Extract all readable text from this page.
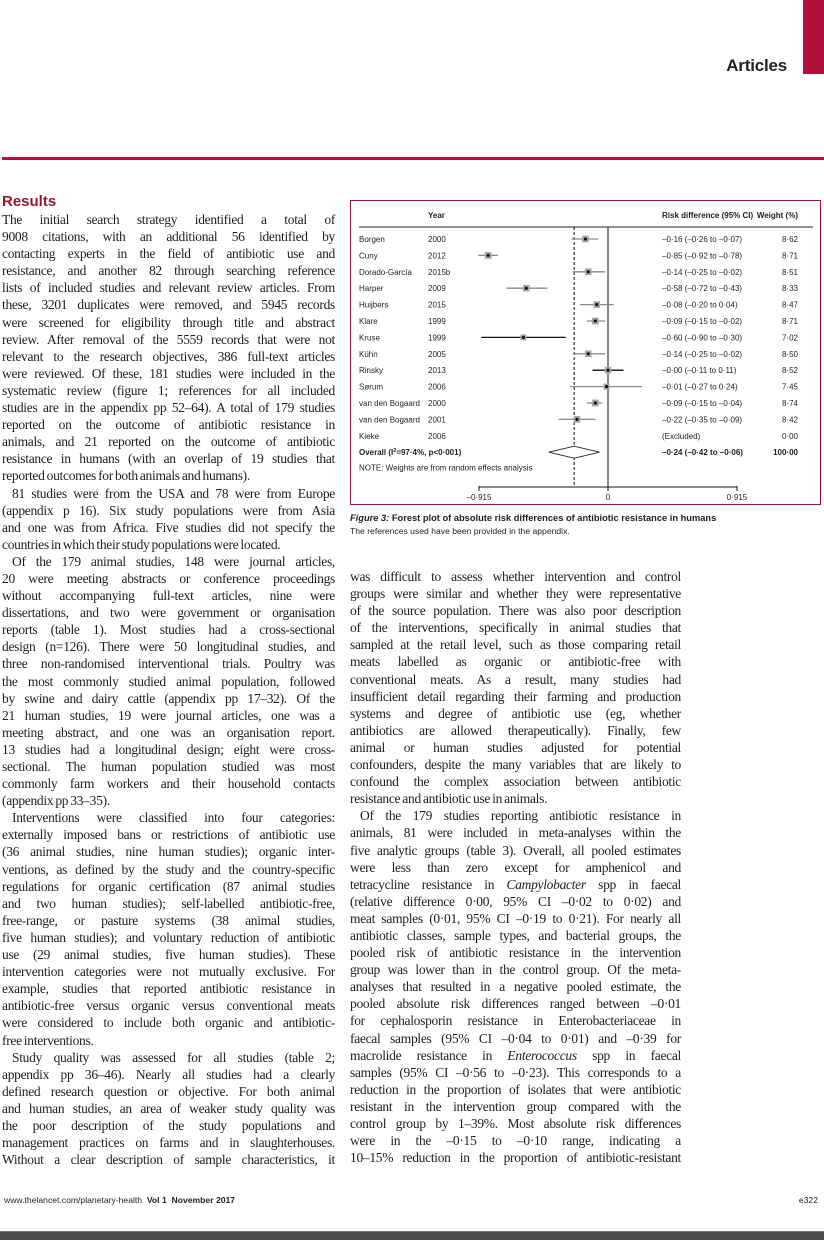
Articles
Results
The initial search strategy identified a total of
9008 citations, with an additional 56 identified by
contacting experts in the field of antibiotic use and
resistance, and another 82 through searching reference
lists of included studies and relevant review articles. From
these, 3201 duplicates were removed, and 5945 records
were screened for eligibility through title and abstract
review. After removal of the 5559 records that were not
relevant to the research objectives, 386 full-text articles
were reviewed. Of these, 181 studies were included in the
systematic review (figure 1; references for all included
studies are in the appendix pp 52–64). A total of 179 studies
reported on the outcome of antibiotic resistance in
animals, and 21 reported on the outcome of antibiotic
resistance in humans (with an overlap of 19 studies that
reported outcomes for both animals and humans).
81 studies were from the USA and 78 were from Europe
(appendix p 16). Six study populations were from Asia
and one was from Africa. Five studies did not specify the
countries in which their study populations were located.
Of the 179 animal studies, 148 were journal articles,
20 were meeting abstracts or conference proceedings
without accompanying full-text articles, nine were
dissertations, and two were government or organisation
reports (table 1). Most studies had a cross-sectional
design (n=126). There were 50 longitudinal studies, and
three non-randomised interventional trials. Poultry was
the most commonly studied animal population, followed
by swine and dairy cattle (appendix pp 17–32). Of the
21 human studies, 19 were journal articles, one was a
meeting abstract, and one was an organisation report.
13 studies had a longitudinal design; eight were cross-
sectional. The human population studied was most
commonly farm workers and their household contacts
(appendix pp 33–35).
Interventions were classified into four categories:
externally imposed bans or restrictions of antibiotic use
(36 animal studies, nine human studies); organic inter-
ventions, as defined by the study and the country-specific
regulations for organic certification (87 animal studies
and two human studies); self-labelled antibiotic-free,
free-range, or pasture systems (38 animal studies,
five human studies); and voluntary reduction of antibiotic
use (29 animal studies, five human studies). These
intervention categories were not mutually exclusive. For
example, studies that reported antibiotic resistance in
antibiotic-free versus organic versus conventional meats
were considered to include both organic and antibiotic-
free interventions.
Study quality was assessed for all studies (table 2;
appendix pp 36–46). Nearly all studies had a clearly
defined research question or objective. For both animal
and human studies, an area of weaker study quality was
the poor description of the study populations and
management practices on farms and in slaughterhouses.
Without a clear description of sample characteristics, it
was difficult to assess whether intervention and control
groups were similar and whether they were representative
of the source population. There was also poor description
of the interventions, specifically in animal studies that
sampled at the retail level, such as those comparing retail
meats labelled as organic or antibiotic-free with
conventional meats. As a result, many studies had
insufficient detail regarding their farming and production
systems and degree of antibiotic use (eg, whether
antibiotics are allowed therapeutically). Finally, few
animal or human studies adjusted for potential
confounders, despite the many variables that are likely to
confound the complex association between antibiotic
resistance and antibiotic use in animals.
Of the 179 studies reporting antibiotic resistance in
animals, 81 were included in meta-analyses within the
five analytic groups (table 3). Overall, all pooled estimates
were less than zero except for amphenicol and
tetracycline resistance in Campylobacter spp in faecal
(relative difference 0·00, 95% CI –0·02 to 0·02) and
meat samples (0·01, 95% CI –0·19 to 0·21). For nearly all
antibiotic classes, sample types, and bacterial groups, the
pooled risk of antibiotic resistance in the intervention
group was lower than in the control group. Of the meta-
analyses that resulted in a negative pooled estimate, the
pooled absolute risk differences ranged between –0·01
for cephalosporin resistance in Enterobacteriaceae in
faecal samples (95% CI –0·04 to 0·01) and –0·39 for
macrolide resistance in Enterococcus spp in faecal
samples (95% CI –0·56 to –0·23). This corresponds to a
reduction in the proportion of isolates that were antibiotic
resistant in the intervention group compared with the
control group by 1–39%. Most absolute risk differences
were in the –0·15 to –0·10 range, indicating a
10–15% reduction in the proportion of antibiotic-resistant
Year	Risk difference (95% CI) Weight (%)
Borgen	2000	–0·16 (–0·26 to –0·07)	8·62
Cuny	2012	–0·85 (–0·92 to –0·78)	8·71
Dorado-García 2015b	–0·14 (–0·25 to –0·02)	8·51
Harper	2009	–0·58 (–0·72 to –0·43)	8·33
Huijbers	2015	–0·08 (–0·20 to 0·04)	8·47
Klare	1999	–0·09 (–0·15 to –0·02)	8·71
Kruse	1999	–0·60 (–0·90 to –0·30)	7·02
Kühn	2005	–0·14 (–0·25 to –0·02)	8·50
Rinsky	2013	–0·00 (–0·11 to 0·11)	8·52
Sørum	2006	–0·01 (–0·27 to 0·24)	7·45
van den Bogaard 2000	–0·09 (–0·15 to –0·04)	8·74
van den Bogaard 2001	–0·22 (–0·35 to –0·09)	8·42
Kieke	2006	(Excluded)	0·00
Overall ($I^2=97\cdot 4\%$, p<0·001)	–0·24 (–0·42 to –0·06)	100·00
NOTE: Weights are from random effects analysis
–0·915	0	0·915
Figure 3: Forest plot of absolute risk differences of antibiotic resistance in humans
The references used have been provided in the appendix.
www.thelancet.com/planetary-health Vol 1 November 2017	e322
